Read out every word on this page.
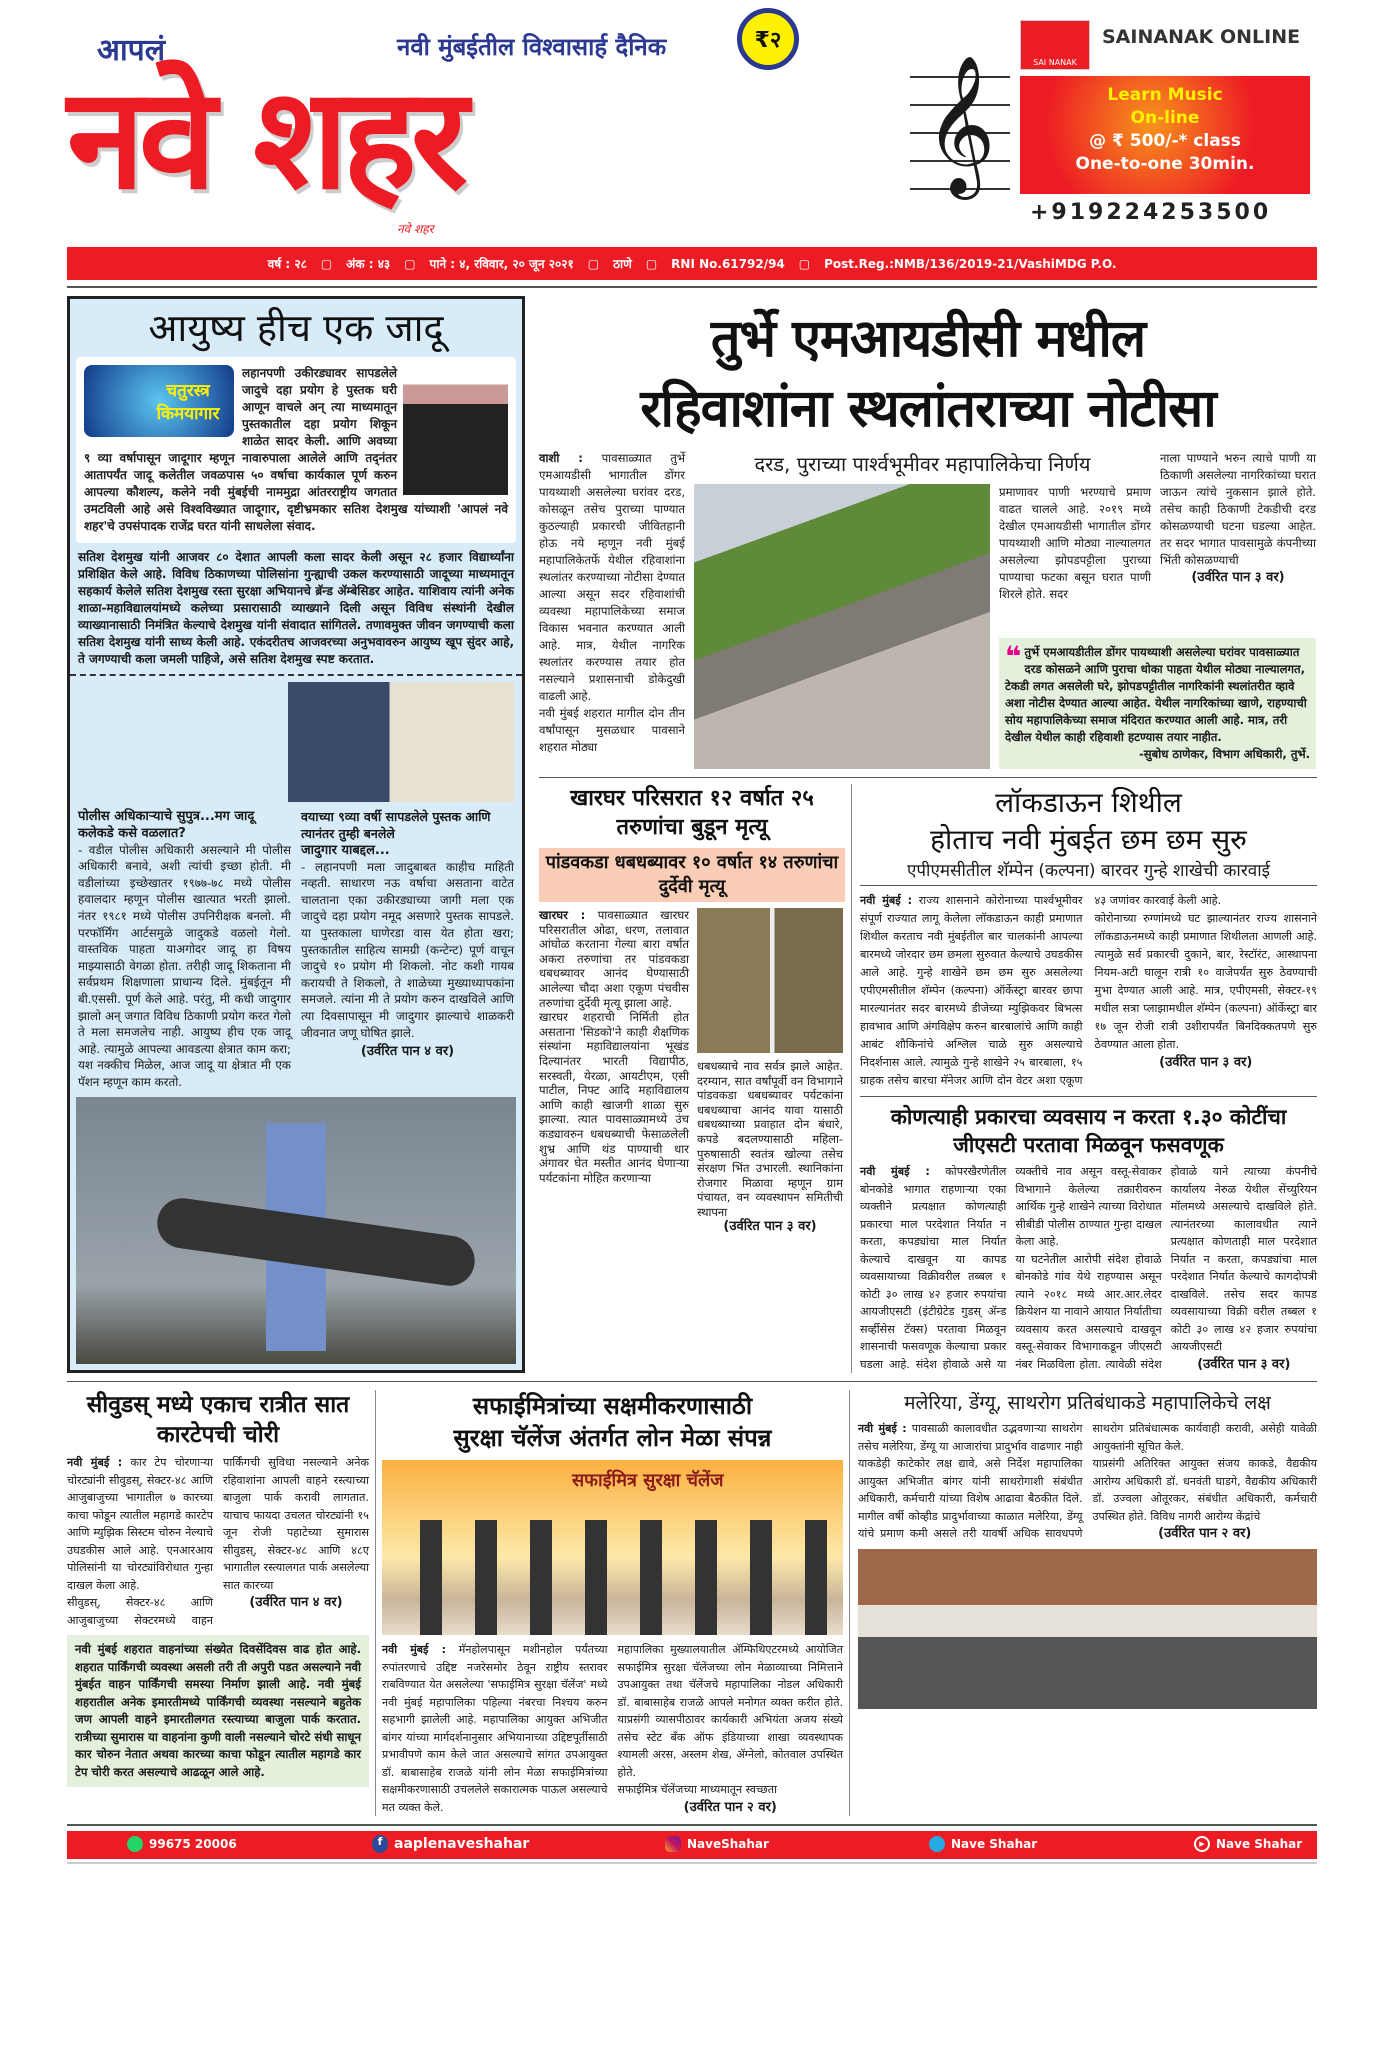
आपलं	नवी मुंबईतील विश्वासार्ह दैनिक	₹२
नवे शहर
नवे शहर
𝄞	SAI NANAK
SAINANAK ONLINE
Learn Music
On-line
@ ₹ 500/-* class
One-to-one 30min.
+919224253500
वर्ष : २८ ▢ अंक : ४३ ▢ पाने : ४, रविवार, २० जून २०२१ ▢ ठाणे ▢ RNI No.61792/94 ▢ Post.Reg.:NMB/136/2019-21/VashiMDG P.O.
आयुष्य हीच एक जादू
चतुरस्त्र किमयागार
लहानपणी उकीरड्यावर सापडलेले जादुचे दहा प्रयोग हे पुस्तक घरी आणून वाचले अन् त्या माध्यमातून पुस्तकातील दहा प्रयोग शिकून शाळेत सादर केली. आणि अवघ्या ९ व्या वर्षापासून जादूगार म्हणून नावारुपाला आलेले आणि तद्नंतर आतापर्यंत जादू कलेतील जवळपास ५० वर्षाचा कार्यकाल पूर्ण करुन आपल्या कौशल्य, कलेने नवी मुंबईची नाममुद्रा आंतरराष्ट्रीय जगतात उमटविली आहे असे विश्वविख्यात जादूगार, दृष्टीभ्रमकार सतिश देशमुख यांच्याशी 'आपलं नवे शहर'चे उपसंपादक राजेंद्र घरत यांनी साधलेला संवाद.
सतिश देशमुख यांनी आजवर ८० देशात आपली कला सादर केली असून २८ हजार विद्यार्थ्यांना प्रशिक्षित केले आहे. विविध ठिकाणच्या पोलिसांना गुन्ह्याची उकल करण्यासाठी जादूच्या माध्यमातून सहकार्य केलेले सतिश देशमुख रस्ता सुरक्षा अभियानचे ब्रॅन्ड ॲम्बेसिडर आहेत. याशिवाय त्यांनी अनेक शाळा-महाविद्यालयांमध्ये कलेच्या प्रसारासाठी व्याख्याने दिली असून विविध संस्थांनी देखील व्याख्यानासाठी निमंत्रित केल्याचे देशमुख यांनी संवादात सांगितले. तणावमुक्त जीवन जगण्याची कला सतिश देशमुख यांनी साध्य केली आहे. एकंदरीतच आजवरच्या अनुभवावरुन आयुष्य खूप सुंदर आहे, ते जगण्याची कला जमली पाहिजे, असे सतिश देशमुख स्पष्ट करतात.
पोलीस अधिकाऱ्याचे सुपुत्र...मग जादू कलेकडे कसे वळलात?
- वडील पोलीस अधिकारी असल्याने मी पोलीस अधिकारी बनावे, अशी त्यांची इच्छा होती. मी वडीलांच्या इच्छेखातर १९७७-७८ मध्ये पोलीस हवालदार म्हणून पोलीस खात्यात भरती झालो. नंतर १९८१ मध्ये पोलीस उपनिरीक्षक बनलो. मी परफॉर्मिंग आर्टसमुळे जादुकडे वळलो गेलो. वास्तविक पाहता याअगोदर जादू हा विषय माझ्यासाठी वेगळा होता. तरीही जादू शिकताना मी सर्वप्रथम शिक्षणाला प्राधान्य दिले. मुंबईतून मी बी.एससी. पूर्ण केले आहे. परंतु, मी कधी जादुगार झालो अन् जगात विविध ठिकाणी प्रयोग करत गेलो ते मला समजलेच नाही. आयुष्य हीच एक जादू आहे. त्यामुळे आपल्या आवडत्या क्षेत्रात काम करा; यश नक्कीच मिळेल, आज जादू या क्षेत्रात मी एक पॅशन म्हणून काम करतो.
वयाच्या ९व्या वर्षी सापडलेले पुस्तक आणि त्यानंतर तुम्ही बनलेले
जादुगार याबद्दल...
- लहानपणी मला जादुबाबत काहीच माहिती नव्हती. साधारण नऊ वर्षाचा असताना वाटेत चालताना एका उकीरड्याच्या जागी मला एक जादुचे दहा प्रयोग नमूद असणारे पुस्तक सापडले. या पुस्तकाला घाणेरडा वास येत होता खरा; पुस्तकातील साहित्य सामग्री (कन्टेन्ट) पूर्ण वाचून जादुचे १० प्रयोग मी शिकलो. नोट कशी गायब करायची ते शिकलो, ते शाळेच्या मुख्याध्यापकांना समजले. त्यांना मी ते प्रयोग करुन दाखविले आणि त्या दिवसापासून मी जादुगार झाल्याचे शाळकरी जीवनात जणू घोषित झाले.
(उर्वरित पान ४ वर)
तुर्भे एमआयडीसी मधील
रहिवाशांना स्थलांतराच्या नोटीसा
वाशी : पावसाळ्यात तुर्भे एमआयडीसी भागातील डोंगर पायथ्याशी असलेल्या घरांवर दरड, कोसळून तसेच पुराच्या पाण्यात कुठल्याही प्रकारची जीवितहानी होऊ नये म्हणून नवी मुंबई महापालिकेतर्फे येथील रहिवाशांना स्थलांतर करण्याच्या नोटीसा देण्यात आल्या असून सदर रहिवाशांची व्यवस्था महापालिकेच्या समाज विकास भवनात करण्यात आली आहे. मात्र, येथील नागरिक स्थलांतर करण्यास तयार होत नसल्याने प्रशासनाची डोकेदुखी वाढली आहे.
नवी मुंबई शहरात मागील दोन तीन वर्षांपासून मुसळधार पावसाने शहरात मोठ्या
दरड, पुराच्या पार्श्वभूमीवर महापालिकेचा निर्णय	नाला पाण्याने भरुन त्याचे पाणी या ठिकाणी असलेल्या नागरिकांच्या घरात जाऊन त्यांचे नुकसान झाले होते. तसेच काही ठिकाणी टेकडीची दरड कोसळण्याची घटना घडल्या आहेत. तर सदर भागात पावसामुळे कंपनीच्या भिंती कोसळण्याची
(उर्वरित पान ३ वर)
प्रमाणावर पाणी भरण्याचे प्रमाण वाढत चालले आहे. २०१९ मध्ये देखील एमआयडीसी भागातील डोंगर पायथ्याशी आणि मोठ्या नाल्यालगत असलेल्या झोपडपट्टीला पुराच्या पाण्याचा फटका बसून घरात पाणी शिरले होते. सदर
❝ तुर्भे एमआयडीतील डोंगर पायथ्याशी असलेल्या घरांवर पावसाळ्यात दरड कोसळने आणि पुराचा धोका पाहता येथील मोठ्या नाल्यालगत, टेकडी लगत असलेली घरे, झोपडपट्टीतील नागरिकांनी स्थलांतरीत व्हावे अशा नोटीस देण्यात आल्या आहेत. येथील नागरिकांच्या खाणे, राहण्याची सोय महापालिकेच्या समाज मंदिरात करण्यात आली आहे. मात्र, तरी देखील येथील काही रहिवाशी हटण्यास तयार नाहीत.
-सुबोध ठाणेकर, विभाग अधिकारी, तुर्भे.
खारघर परिसरात १२ वर्षात २५ तरुणांचा बुडून मृत्यू
पांडवकडा धबधब्यावर १० वर्षात १४ तरुणांचा दुर्देवी मृत्यू
खारघर : पावसाळ्यात खारघर परिसरातील ओढा, धरण, तलावात आंघोळ करताना गेल्या बारा वर्षात अकरा तरुणांचा तर पांडवकडा धबधब्यावर आनंद घेण्यासाठी आलेल्या चौदा अशा एकूण पंचवीस तरुणांचा दुर्देवी मृत्यू झाला आहे.
खारघर शहराची निर्मिती होत असताना 'सिडको'ने काही शैक्षणिक संस्थांना महाविद्यालयांना भूखंड दिल्यानंतर भारती विद्यापीठ, सरस्वती, येरळा, आयटीएम, एसी पाटील, निफ्ट आदि महाविद्यालय आणि काही खाजगी शाळा सुरु झाल्या. त्यात पावसाळ्यामध्ये उंच कड्यावरुन धबधब्याची फेसाळलेली शुभ्र आणि थंड पाण्याची धार अंगावर घेत मस्तीत आनंद घेणाऱ्या पर्यटकांना मोहित करणाऱ्या
धबधब्याचे नाव सर्वत्र झाले आहेत. दरम्यान, सात वर्षांपूर्वी वन विभागाने पांडवकडा धबधब्यावर पर्यटकांना धबधब्याचा आनंद यावा यासाठी धबधब्याच्या प्रवाहात दोन बंधारे, कपडे बदलण्यासाठी महिला-पुरुषासाठी स्वतंत्र खोल्या तसेच संरक्षण भिंत उभारली. स्थानिकांना रोजगार मिळावा म्हणून ग्राम पंचायत, वन व्यवस्थापन समितीची स्थापना
(उर्वरित पान ३ वर)
लॉकडाऊन शिथील
होताच नवी मुंबईत छम छम सुरु
एपीएमसीतील शॅम्पेन (कल्पना) बारवर गुन्हे शाखेची कारवाई
नवी मुंबई : राज्य शासनाने कोरोनाच्या पार्श्वभूमीवर संपूर्ण राज्यात लागू केलेला लॉकडाऊन काही प्रमाणात शिथील करताच नवी मुंबईतील बार चालकांनी आपल्या बारमध्ये जोरदार छम छमला सुरुवात केल्याचे उघडकीस आले आहे. गुन्हे शाखेने छम छम सुरु असलेल्या एपीएमसीतील शॅम्पेन (कल्पना) ऑर्केस्ट्रा बारवर छापा मारल्यानंतर सदर बारमध्ये डीजेच्या म्युझिकवर बिभत्स हावभाव आणि अंगविक्षेप करुन बारबालांचे आणि काही आबंट शौकिनांचे अश्लिल चाळे सुरु असल्याचे निदर्शनास आले. त्यामुळे गुन्हे शाखेने २५ बारबाला, १५ ग्राहक तसेच बारचा मॅनेजर आणि दोन वेटर अशा एकूण ४३ जणांवर कारवाई केली आहे.
कोरोनाच्या रुग्णांमध्ये घट झाल्यानंतर राज्य शासनाने लॉकडाऊनमध्ये काही प्रमाणात शिथीलता आणली आहे. त्यामुळे सर्व प्रकारची दुकाने, बार, रेस्टॉरंट, आस्थापना नियम-अटी घालून रात्री १० वाजेपर्यंत सुरु ठेवण्याची मुभा देण्यात आली आहे. मात्र, एपीएमसी, सेक्टर-१९ मधील सत्रा प्लाझामधील शॅम्पेन (कल्पना) ऑर्केस्ट्रा बार १७ जून रोजी रात्री उशीरापर्यंत बिनदिक्कतपणे सुरु ठेवण्यात आला होता.
(उर्वरित पान ३ वर)
कोणत्याही प्रकारचा व्यवसाय न करता १.३० कोटींचा जीएसटी परतावा मिळवून फसवणूक
नवी मुंबई : कोपरखैरणेतील बोनकोडे भागात राहणाऱ्या एका व्यक्तीने प्रत्यक्षात कोणत्याही प्रकारचा माल परदेशात निर्यात न करता, कपड्यांचा माल निर्यात केल्याचे दाखवून या कापड व्यवसायाच्या विक्रीवरील तब्बल १ कोटी ३० लाख ४२ हजार रुपयांचा आयजीएसटी (इंटीग्रेटेड गुडस् ॲन्ड सर्व्हीसेस टॅक्स) परतावा मिळवून शासनाची फसवणूक केल्याचा प्रकार घडला आहे. संदेश होवाळे असे या व्यक्तीचे नाव असून वस्तू-सेवाकर विभागाने केलेल्या तक्रारीवरुन आर्थिक गुन्हे शाखेने त्याच्या विरोधात सीबीडी पोलीस ठाण्यात गुन्हा दाखल केला आहे.
या घटनेतील आरोपी संदेश होवाळे बोनकोडे गांव येथे राहण्यास असून त्याने २०१८ मध्ये आर.आर.लेदर क्रियेशन या नावाने आयात निर्यातीचा व्यवसाय करत असल्याचे दाखवून वस्तू-सेवाकर विभागाकडून जीएसटी नंबर मिळविला होता. त्यावेळी संदेश होवाळे याने त्याच्या कंपनीचे कार्यालय नेरुळ येथील सेंच्युरियन मॉलमध्ये असल्याचे दाखविले होते. त्यानंतरच्या कालावधीत त्याने प्रत्यक्षात कोणताही माल परदेशात निर्यात न करता, कपड्यांचा माल परदेशात निर्यात केल्याचे कागदोपत्री दाखविले. तसेच सदर कापड व्यवसायाच्या विक्री वरील तब्बल १ कोटी ३० लाख ४२ हजार रुपयांचा आयजीएसटी
(उर्वरित पान ३ वर)
सीवुडस् मध्ये एकाच रात्रीत सात कारटेपची चोरी
नवी मुंबई : कार टेप चोरणाऱ्या चोरट्यांनी सीवुडस्, सेक्टर-४८ आणि आजुबाजुच्या भागातील ७ कारच्या काचा फोडून त्यातील महागडे कारटेप आणि म्युझिक सिस्टम चोरुन नेल्याचे उघडकीस आले आहे. एनआरआय पोलिसांनी या चोरट्यांविरोधात गुन्हा दाखल केला आहे.
सीवुडस्, सेक्टर-४८ आणि आजुबाजुच्या सेक्टरमध्ये वाहन पार्किंगची सुविधा नसल्याने अनेक रहिवाशांना आपली वाहने रस्त्याच्या बाजुला पार्क करावी लागतात. याचाच फायदा उचलत चोरट्यांनी १५ जून रोजी पहाटेच्या सुमारास सीवुडस्, सेक्टर-४८ आणि ४८ए भागातील रस्त्यालगत पार्क असलेल्या सात कारच्या
(उर्वरित पान ४ वर)
नवी मुंबई शहरात वाहनांच्या संख्येत दिवसेंदिवस वाढ होत आहे. शहरात पार्किंगची व्यवस्था असली तरी ती अपुरी पडत असल्याने नवी मुंबईत वाहन पार्किंगची समस्या निर्माण झाली आहे. नवी मुंबई शहरातील अनेक इमारतीमध्ये पार्किंगची व्यवस्था नसल्याने बहुतेक जण आपली वाहने इमारतीलगत रस्त्याच्या बाजुला पार्क करतात. रात्रीच्या सुमारास या वाहनांना कुणी वाली नसल्याने चोरटे संधी साधून कार चोरुन नेतात अथवा कारच्या काचा फोडून त्यातील महागडे कार टेप चोरी करत असल्याचे आढळून आले आहे.
सफाईमित्रांच्या सक्षमीकरणासाठी
सुरक्षा चॅलेंज अंतर्गत लोन मेळा संपन्न
सफाईमित्र सुरक्षा चॅलेंज
नवी मुंबई : मॅनहोलपासून मशीनहोल पर्यंतच्या रुपांतरणाचे उद्दिष्ट नजरेसमोर ठेवून राष्ट्रीय स्तरावर राबविण्यात येत असलेल्या 'सफाईमित्र सुरक्षा चॅलेंज' मध्ये नवी मुंबई महापालिका पहिल्या नंबरचा निश्चय करुन सहभागी झालेली आहे. महापालिका आयुक्त अभिजीत बांगर यांच्या मार्गदर्शनानुसार अभियानाच्या उद्दिष्टपूर्तीसाठी प्रभावीपणे काम केले जात असल्याचे सांगत उपआयुक्त डॉ. बाबासाहेब राजळे यांनी लोन मेळा सफाईमित्रांच्या सक्षमीकरणासाठी उचललेले सकारात्मक पाऊल असल्याचे मत व्यक्त केले.
महापालिका मुख्यालयातील ॲम्फिथिएटरमध्ये आयोजित सफाईमित्र सुरक्षा चॅलेंजच्या लोन मेळाव्याच्या निमित्ताने उपआयुक्त तथा चॅलेंजचे महापालिका नोडल अधिकारी डॉ. बाबासाहेब राजळे आपले मनोगत व्यक्त करीत होते. याप्रसंगी व्यासपीठावर कार्यकारी अभियंता अजय संख्ये तसेच स्टेट बॅंक ऑफ इंडियाच्या शाखा व्यवस्थापक श्यामली अरस, अस्लम शेख, ॲग्नेलो, कोतवाल उपस्थित होते.
सफाईमित्र चॅलेंजच्या माध्यमातून स्वच्छता
(उर्वरित पान २ वर)
मलेरिया, डेंग्यू, साथरोग प्रतिबंधाकडे महापालिकेचे लक्ष
नवी मुंबई : पावसाळी कालावधीत उद्भवणाऱ्या साथरोग तसेच मलेरिया, डेंग्यू या आजारांचा प्रादुर्भाव वाढणार नाही याकडेही काटेकोर लक्ष द्यावे, असे निर्देश महापालिका आयुक्त अभिजीत बांगर यांनी साथरोगाशी संबंधीत अधिकारी, कर्मचारी यांच्या विशेष आढावा बैठकीत दिले. मागील वर्षी कोव्हीड प्रादुर्भावाच्या काळात मलेरिया, डेंग्यू यांचे प्रमाण कमी असले तरी यावर्षी अधिक सावधपणे साथरोग प्रतिबंधात्मक कार्यवाही करावी, असेही यावेळी आयुक्तांनी सूचित केले.
याप्रसंगी अतिरिक्त आयुक्त संजय काकडे, वैद्यकीय आरोग्य अधिकारी डॉ. धनवंती घाडगे, वैद्यकीय अधिकारी डॉ. उज्वला ओतूरकर, संबंधीत अधिकारी, कर्मचारी उपस्थित होते. विविध नागरी आरोग्य केंद्रांचे
(उर्वरित पान २ वर)
99675 20006	f aaplenaveshahar	NaveShahar	Nave Shahar	▶ Nave Shahar
